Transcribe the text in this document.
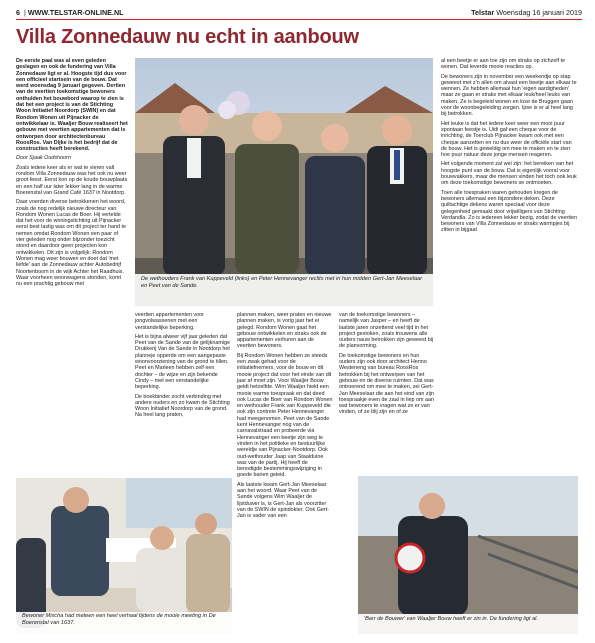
6  | WWW.TELSTAR-ONLINE.NL	Telstar Woensdag 16 januari 2019
Villa Zonnedauw nu echt in aanbouw

De eerste paal was al even geleden geslagen en ook de fundering van Villa Zonnedauw ligt er al. Hoogste tijd dus voor een officieel startsein van de bouw. Dat werd woensdag 9 januari gegeven. Dertien van de veertien toekomstige bewoners onthulden het bouwbord waarop te zien is dat het een project is van de Stichting Woon Initiatief Noordorp (SWIN) en dat Rondom Wonen uit Pijnacker de ontwikkelaar is. Waaljer Bouw realiseert het gebouw met veertien appartementen dat is ontworpen door architectenbureau RoosRos. Van Dijke is het bedrijf dat de constructies heeft berekend.

Door Sjaak Oudshoorn

Zoals iedere keer als er wat te vieren valt rondom Villa Zonnedauw was het ook nu weer groot feest. Eerst kon op de koude bouwplaats en een half uur later lekker lang in de warme Boerenstal van Grand Café 1637 in Nootdorp.

Daar voerden diverse betrokkenen het woord, zoals de nog redelijk nieuwe directeur van Rondom Wonen Lucas de Boer. Hij vertelde dat het voor de woningstichting uit Pijnacker eerst best lastig was om dit project ter hand te nemen omdat Rondom Wonen een paar of vier geleden nog onder bijzonder toezicht stond en daardoor geen projecten kon ontwikkelen. Dit zijn is volgelijk: Rondom Wonen mag weer bouwen en doet dat 'met liefde' aan de Zonnedauw achter Autobedrijf Noortenboom in de wijk Achter het Raadhuis. Waar voorheen woonwagens stonden, komt nu een prachtig gebouw met

De wethouders Frank van Kuppeveld (links) en Peter Hennevanger reclits met in hun midden Gert-Jan Meeselaar en Peet van de Sande.

veertien appartementen voor jongvolwassenen met een verstandelijke beperking.

Het is bijna alweer vijf jaar geleden dat Peet van de Sande van de gelijknamige Drukkerij Van de Sande in Nootdorp het planneje opperde om een aangepaste woonvoorziening van de grond te tillen. Peet en Marleen hebben zelf een dochter – de wijze en zijn bekende Cindy – met een verstandelijke beperking.

De boekbinder zocht verbinding met andere ouders en zo kwam de Stichting Woon Initiatief Noordorp van de grond. Na heel lang praten,

plannen maken, weer praten en nieuwe plannen maken, is vorig jaar het ei gelegd. Rondom Wonen gaat het gebouw ontwikkelen en straks ook de appartementen verhuren aan de veertien bewoners.

Bij Rondom Wonen hebben ze steeds een zwak gehad voor de initiatiefnemers, voor de bouw en dit mooie project dat voor het einde van dit jaar af moet zijn. Voor Waaljer Bouw geldt hetzelfde. Wim Waaljer hield een mooie warme toespraak en dat deed ook Lucas de Boer van Rondom Wonen en wethouder Frank van Kuppeveld die ook zijn contreie Peter Hennevanger had meegenomen. Peet van de Sande kent Hennevanger nog van de carnavalstraad en probeerde via Hennevanger een beetje zijn weg te vinden in het politieke en bestuurlijke wereldje van Pijnacker-Nootdorp. Ook oud-wethouder Jaap van Staalduine was van de partij. Hij heeft de benodigde bestemmingswijziging in goede banen geleid.

Als laatste kwam Gert-Jan Meeselaar aan het woord. Waar Peet van de Sande volgens Wim Waaljer de lijstduwer is, is Gert-Jan als voorzitter van de SWIN de spindokter. Ook Gert-Jan is vader van een

van de toekomstige bewoners – namelijk van Jasper – en heeft de laatste jaren onzettend veel tijd in het project gestoken, zoals trouwens alle ouders nauw betrokken zijn geweest bij de planvorming.

De toekomstige bewoners en hun ouders zijn ook door architect Henno Westeneng van bureau RoosRos betrokken bij het ontwerpen van het gebouw en de diverse ruimten. Dat was ontroerend om mee te maken, zei Gert-Jan Meeselaar die aan het eind van zijn toespraakje even de zaal in liep om aan wat bewoners te vragen wat ze er van vinden, of ze blij zijn en of ze

al een beetje er aan toe zijn om straks op zichzelf te wonen. Dat leverde mooie reacties op.

De bewoners zijn in november een weekendje op stap geweest met z'n allen om alvast een beetje aan elkaar te wennen. Ze hebben allemaal hun 'eigen aardigheden' maar ze gaan er straks met elkaar leuk/heel leuks van maken. Ze is begeleid wonen en lose de Bruggen gaan voor de woonbegeleiding zorgen. Ipse is er al heel lang bij betrokken.

Het leuke is dat het iedere keer weer een mooi puur spontaan feestje is. Uidi gaf een cheque voor de inrichting, de Toerclub Pijnacker kwam ook met een cheque aanzetten en nu dus weer de officiële start van de bouw. Het is geweldig om mee te maken en te zien hoe puur natuur deze jonge mensen reageren.

Het volgende moment zal wel zijn: het bereiken van het hoogste punt van de bouw. Dat is eigenlijk vooral voor bouwvakkers, maar die mensen vinden het toch ook leuk om deze toekomstige bewoners se ontmoeten.

Toen alle toespraken waren gehouden kregen de bewoners allemaal een bijzondere deken. Deze quiltachtige dekens waren speciaal voor deze gelegenheid gemaakt door vrijwilligers van Stichting Verdandla. Zo is iedereen lekker bezig, zodat de veertien bewoners van Villa Zonnedauw er straks warmpjes bij zitten in bijgaat

Bewoner Mischa had meteen een heel verhaal tijdens de mooie meeting in De Boerenstal van 1637.
'Barr de Bouwer' van Waaljer Bouw heeft er zin in. De fundering ligt al.
